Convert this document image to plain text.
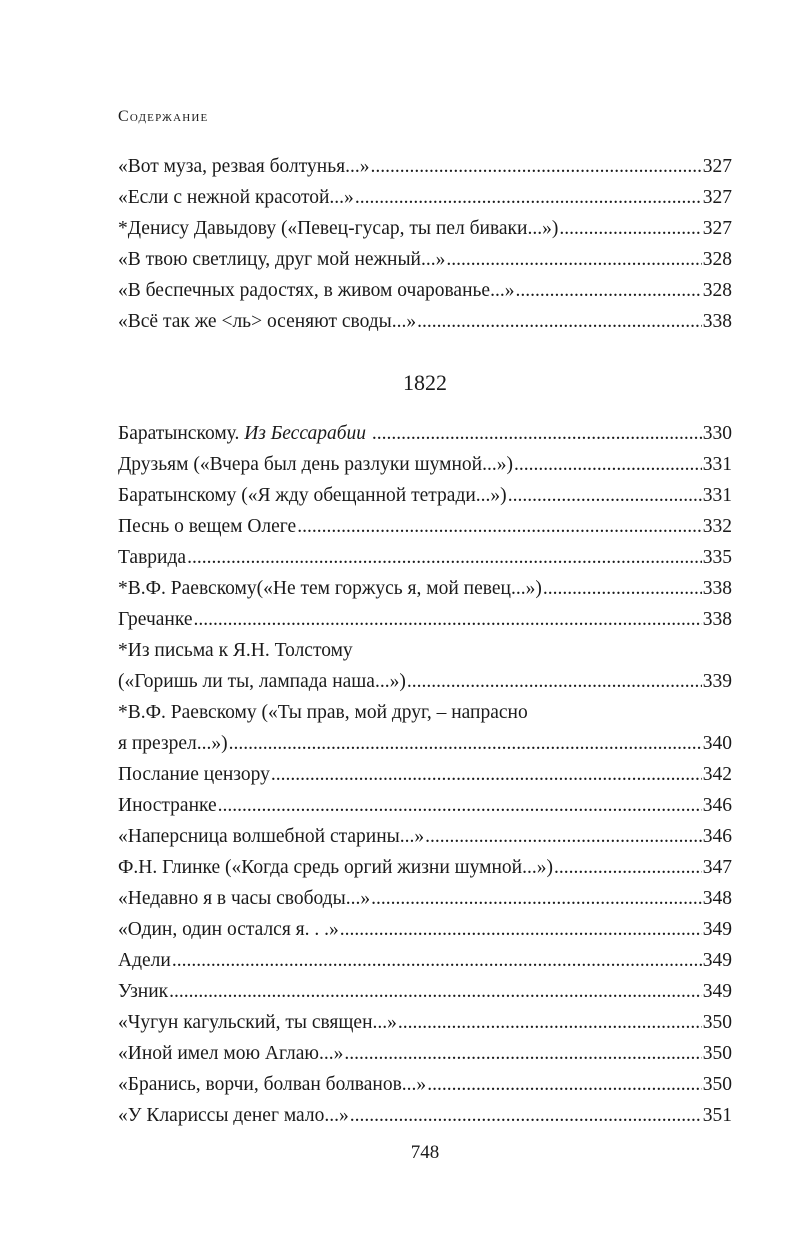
Содержание
«Вот муза, резвая болтунья...» .....	327
«Если с нежной красотой...» .....	327
*Денису Давыдову («Певец-гусар, ты пел биваки...») .....	327
«В твою светлицу, друг мой нежный...» .....	328
«В беспечных радостях, в живом очарованье...» .....	328
«Всё так же <ль> осеняют своды...» .....	338
1822
Баратынскому. Из Бессарабии .....	330
Друзьям («Вчера был день разлуки шумной...») .....	331
Баратынскому («Я жду обещанной тетради...») .....	331
Песнь о вещем Олеге .....	332
Таврида .....	335
*В.Ф. Раевскому(«Не тем горжусь я, мой певец...») .....	338
Гречанке .....	338
*Из письма к Я.Н. Толстому
(«Горишь ли ты, лампада наша...») .....	339
*В.Ф. Раевскому («Ты прав, мой друг, – напрасно
я презрел...») .....	340
Послание цензору .....	342
Иностранке .....	346
«Наперсница волшебной старины...» .....	346
Ф.Н. Глинке («Когда средь оргий жизни шумной...») .....	347
«Недавно я в часы свободы...» .....	348
«Один, один остался я. . .» .....	349
Адели .....	349
Узник .....	349
«Чугун кагульский, ты священ...» .....	350
«Иной имел мою Аглаю...» .....	350
«Бранись, ворчи, болван болванов...» .....	350
«У Клариссы денег мало...» .....	351
748
